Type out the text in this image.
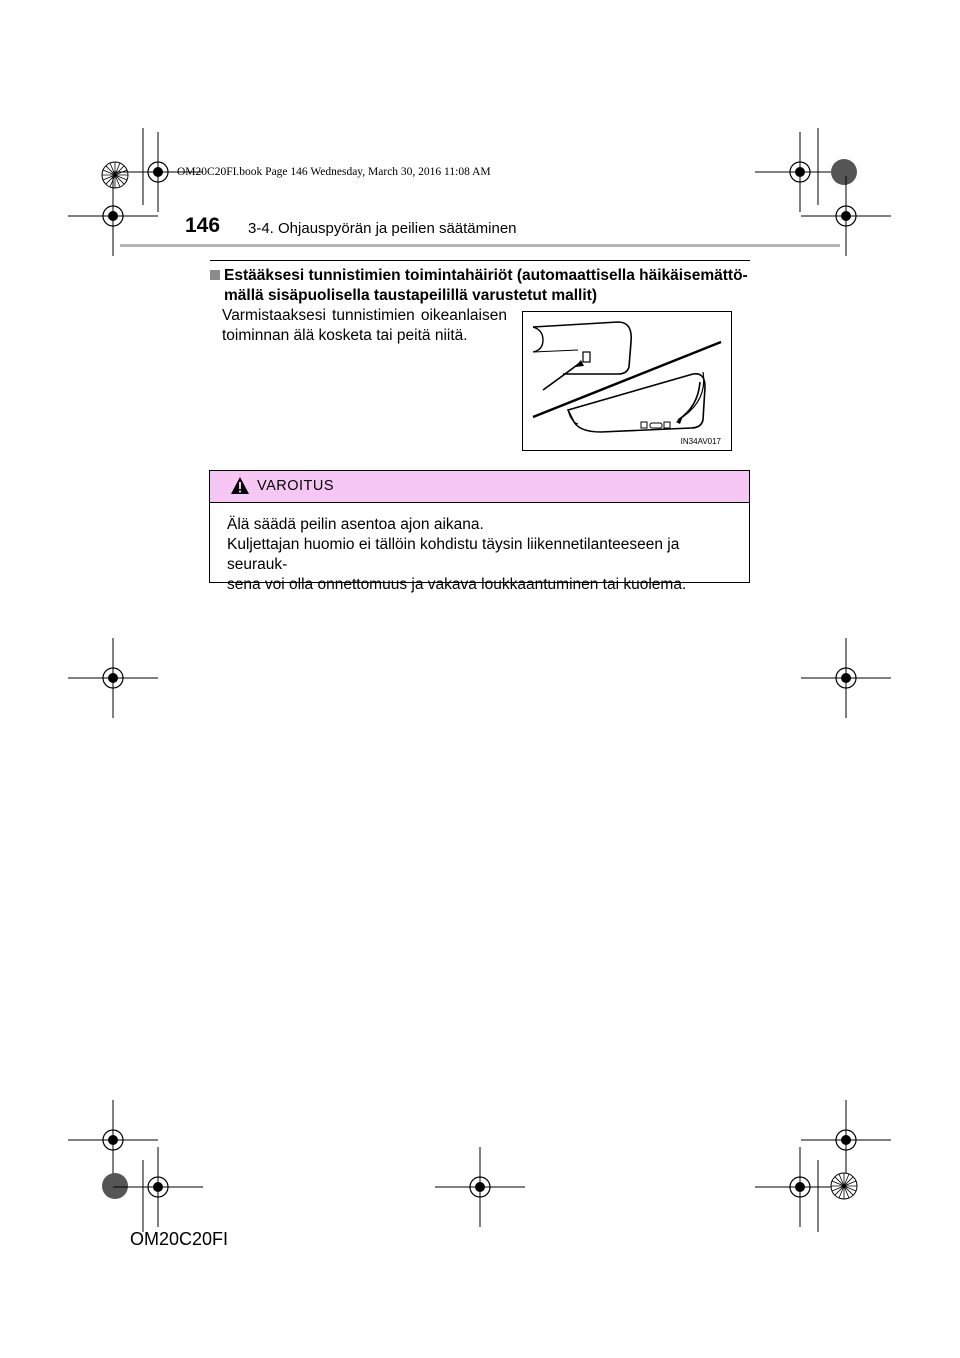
OM20C20FI.book Page 146 Wednesday, March 30, 2016 11:08 AM
146 3-4. Ohjauspyörän ja peilien säätäminen
Estääksesi tunnistimien toimintahäiriöt (automaattisella häikäisemättö-
mällä sisäpuolisella taustapeilillä varustetut mallit)
Varmistaaksesi tunnistimien oikeanlaisen toiminnan älä kosketa tai peitä niitä.
IN34AV017
VAROITUS
Älä säädä peilin asentoa ajon aikana.
Kuljettajan huomio ei tällöin kohdistu täysin liikennetilanteeseen ja seurauk-
sena voi olla onnettomuus ja vakava loukkaantuminen tai kuolema.
OM20C20FI
